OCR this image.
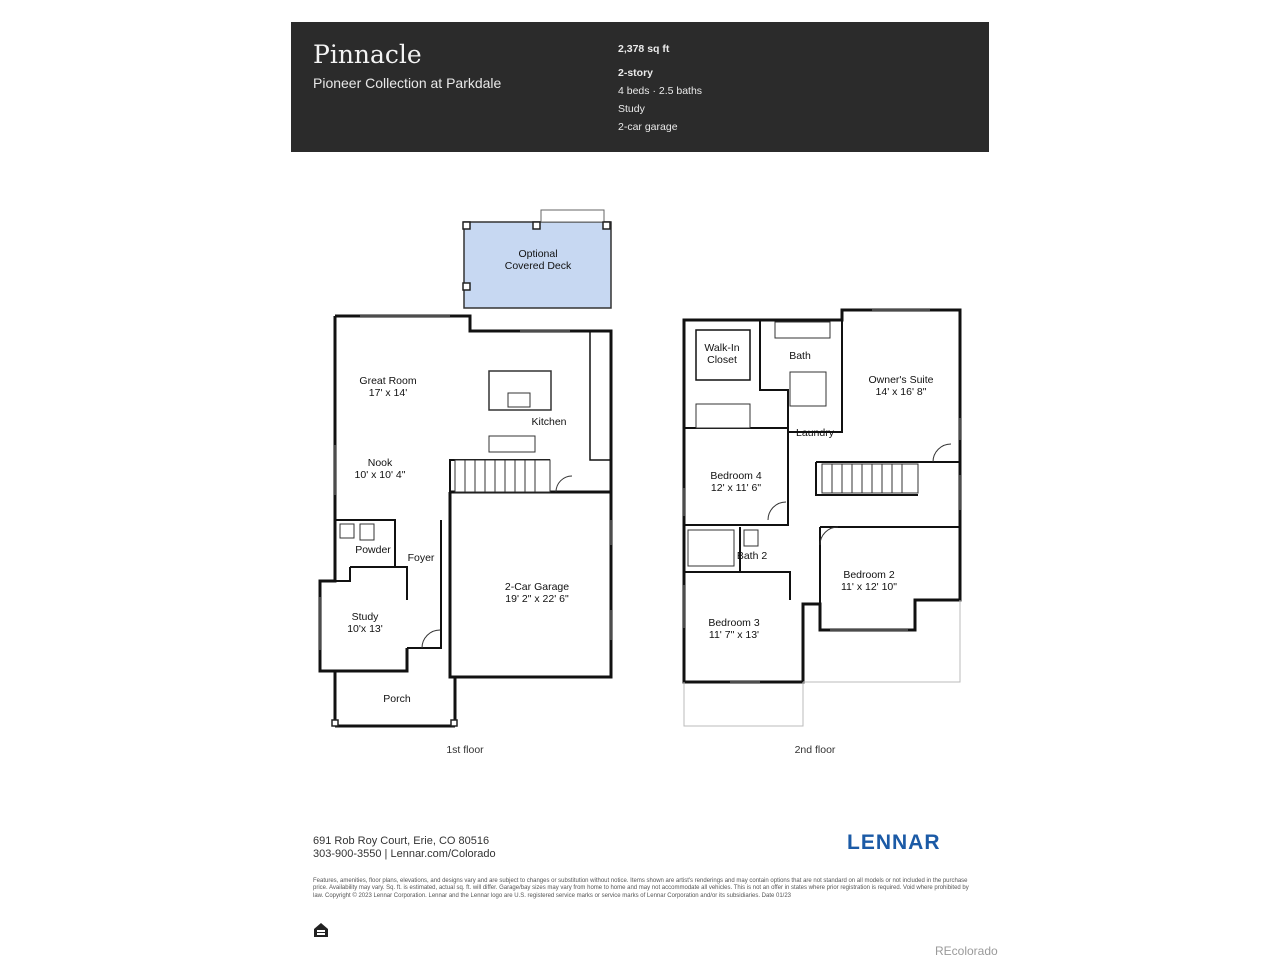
Pinnacle
Pioneer Collection at Parkdale
2,378 sq ft
2-story
4 beds · 2.5 baths
Study
2-car garage
Optional
Covered Deck
Great Room
17' x 14'
Kitchen
Nook
10' x 10' 4"
Powder
Foyer
2-Car Garage
19' 2" x 22' 6"
Study
10'x 13'
Porch
Walk-In
Closet	Bath
Owner's Suite
14' x 16' 8"
Laundry
Bedroom 4
12' x 11' 6"
Bath 2
Bedroom 2
11' x 12' 10"
Bedroom 3
11' 7" x 13'
1st floor	2nd floor
691 Rob Roy Court, Erie, CO 80516
303-900-3550 | Lennar.com/Colorado	LENNAR
Features, amenities, floor plans, elevations, and designs vary and are subject to changes or substitution without notice. Items shown are artist's renderings and may contain options that are not standard on all models or not included in the purchase price. Availability may vary. Sq. ft. is estimated, actual sq. ft. will differ. Garage/bay sizes may vary from home to home and may not accommodate all vehicles. This is not an offer in states where prior registration is required. Void where prohibited by law. Copyright © 2023 Lennar Corporation. Lennar and the Lennar logo are U.S. registered service marks or service marks of Lennar Corporation and/or its subsidiaries. Date 01/23
REcolorado
